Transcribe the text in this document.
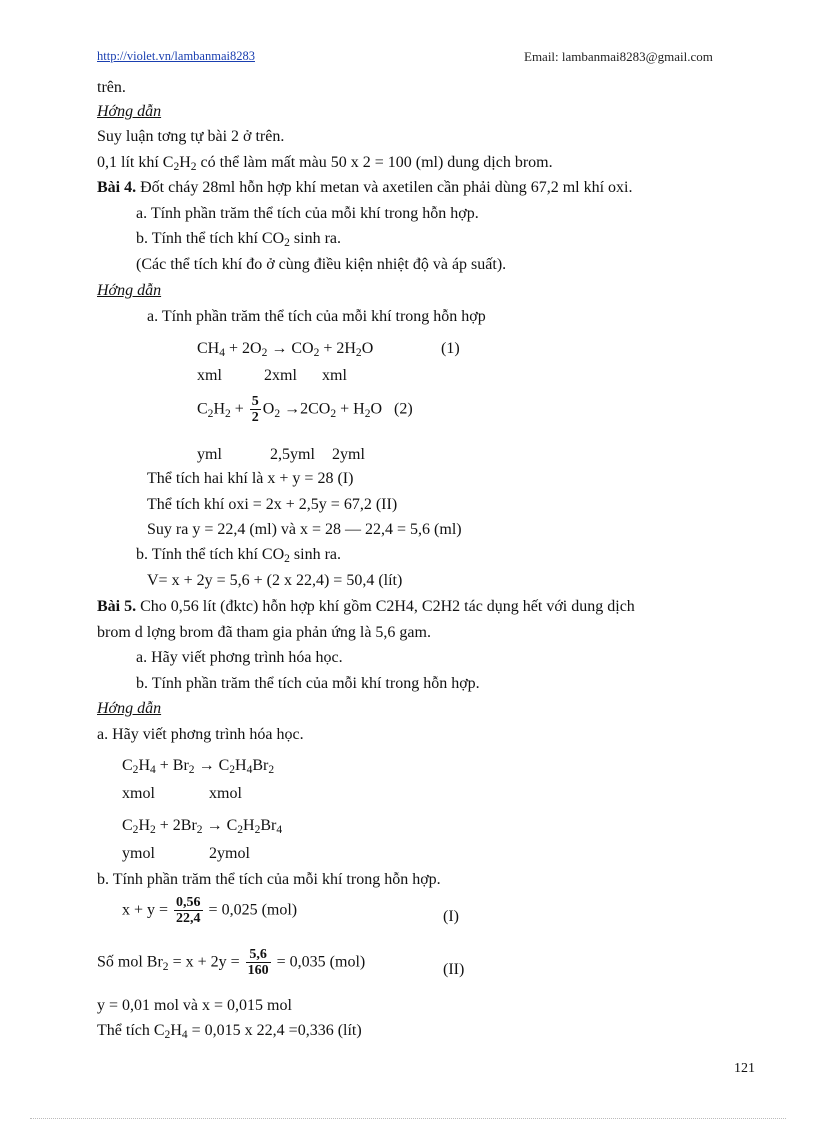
http://violet.vn/lambanmai8283	Email: lambanmai8283@gmail.com
trên.
Hớng dẫn
Suy luận tơng tự bài 2 ở trên.
0,1 lít khí $C_2H_2$ có thể làm mất màu 50 x 2 = 100 (ml) dung dịch brom.
Bài 4. Đốt cháy 28ml hỗn hợp khí metan và axetilen cần phải dùng 67,2 ml khí oxi.
a. Tính phần trăm thể tích của mỗi khí trong hỗn hợp.
b. Tính thể tích khí $CO_2$ sinh ra.
(Các thể tích khí đo ở cùng điều kiện nhiệt độ và áp suất).
Hớng dẫn
a. Tính phần trăm thể tích của mỗi khí trong hỗn hợp
$CH_4 + 2O_2 \to CO_2 + 2H_2O$	(1)
xml	2xml xml
$C_2H_2 + \frac{5}{2} O_2 \to 2CO_2 + H_2O$ (2)
yml	2,5yml 2yml
Thể tích hai khí là x + y = 28 (I)
Thể tích khí oxi = 2x + 2,5y = 67,2 (II)
Suy ra y = 22,4 (ml) và x = 28 — 22,4 = 5,6 (ml)
b. Tính thể tích khí $CO_2$ sinh ra.
V= x + 2y = 5,6 + (2 x 22,4) = 50,4 (lít)
Bài 5. Cho 0,56 lít (đktc) hỗn hợp khí gồm C2H4, C2H2 tác dụng hết với dung dịch
brom d lợng brom đã tham gia phản ứng là 5,6 gam.
a. Hãy viết phơng trình hóa học.
b. Tính phần trăm thể tích của mỗi khí trong hỗn hợp.
Hớng dẫn
a. Hãy viết phơng trình hóa học.
$C_2H_4 + Br_2 \to C_2H_4Br_2$
xmol	xmol
$C_2H_2 + 2Br_2 \to C_2H_2Br_4$
ymol	2ymol
b. Tính phần trăm thể tích của mỗi khí trong hỗn hợp.
$x + y = \frac{0,56}{22,4} = 0,025$ (mol)	(I)
Số mol $Br_2 = x + 2y = \frac{5,6}{160} = 0,035$ (mol)	(II)
y = 0,01 mol và x = 0,015 mol
Thể tích $C_2H_4 = 0,015$ x 22,4 =0,336 (lít)
121
